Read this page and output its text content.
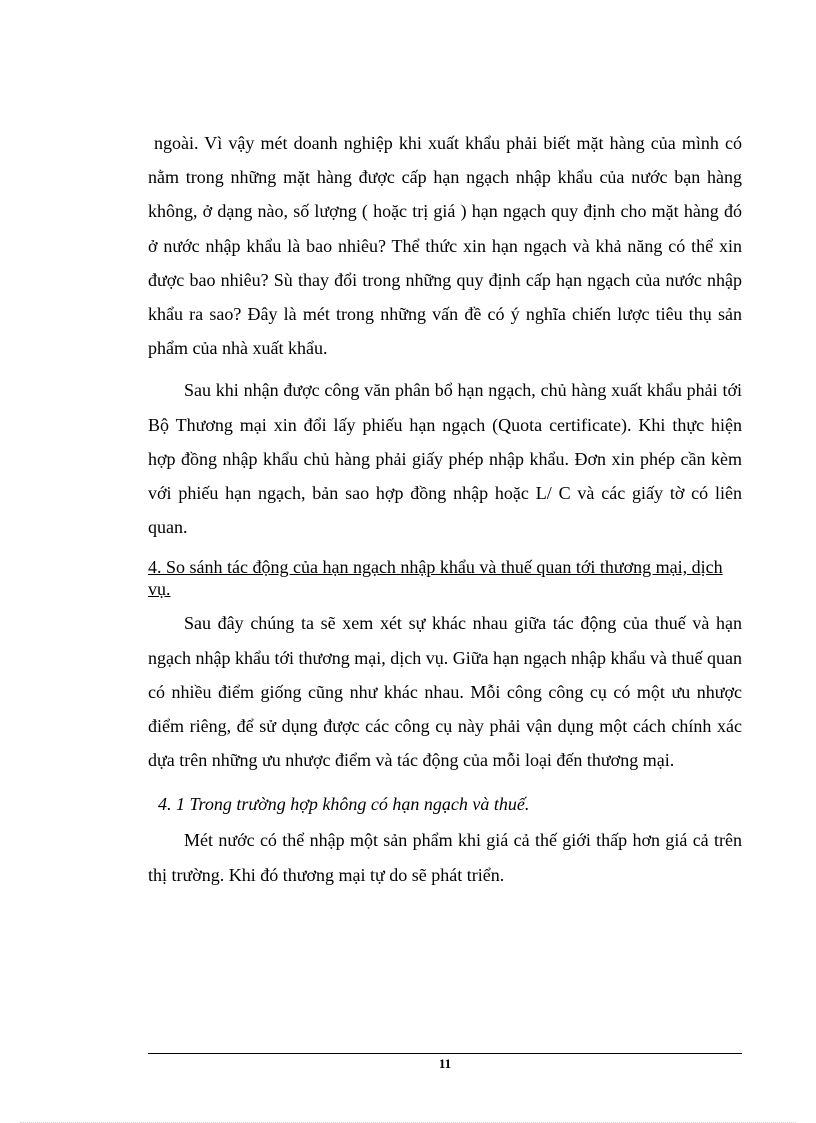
ngoài. Vì vậy mét doanh nghiệp khi xuất khẩu phải biết mặt hàng của mình có nằm trong những mặt hàng được cấp hạn ngạch nhập khẩu của nước bạn hàng không, ở dạng nào, số lượng ( hoặc trị giá ) hạn ngạch quy định cho mặt hàng đó ở nước nhập khẩu là bao nhiêu? Thể thức xin hạn ngạch và khả năng có thể xin được bao nhiêu? Sù thay đổi trong những quy định cấp hạn ngạch của nước nhập khẩu ra sao? Đây là mét trong những vấn đề có ý nghĩa chiến lược tiêu thụ sản phẩm của nhà xuất khẩu.

Sau khi nhận được công văn phân bổ hạn ngạch, chủ hàng xuất khẩu phải tới Bộ Thương mại xin đổi lấy phiếu hạn ngạch (Quota certificate). Khi thực hiện hợp đồng nhập khẩu chủ hàng phải giấy phép nhập khẩu. Đơn xin phép cần kèm với phiếu hạn ngạch, bản sao hợp đồng nhập hoặc L/ C và các giấy tờ có liên quan.

4. So sánh tác động của hạn ngạch nhập khẩu và thuế quan tới thương mại, dịch vụ.

Sau đây chúng ta sẽ xem xét sự khác nhau giữa tác động của thuế và hạn ngạch nhập khẩu tới thương mại, dịch vụ. Giữa hạn ngạch nhập khẩu và thuế quan có nhiều điểm giống cũng như khác nhau. Mỗi công công cụ có một ưu nhược điểm riêng, để sử dụng được các công cụ này phải vận dụng một cách chính xác dựa trên những ưu nhược điểm và tác động của mỗi loại đến thương mại.

4. 1 Trong trường hợp không có hạn ngạch và thuế.

Mét nước có thể nhập một sản phẩm khi giá cả thế giới thấp hơn giá cả trên thị trường. Khi đó thương mại tự do sẽ phát triển.

11
